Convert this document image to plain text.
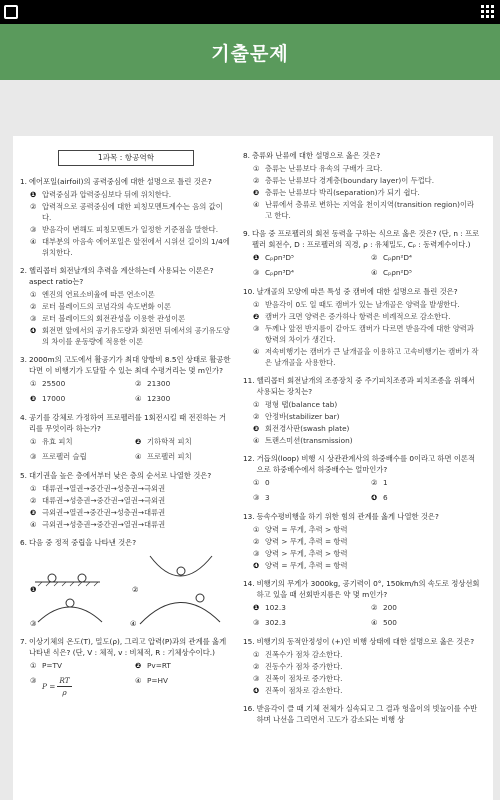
기출문제
1과목 : 항공역학
1. 에어포일(airfoil)의 공력중심에 대한 설명으로 틀린 것은?
❶ 압력중심과 압력중심보다 뒤에 위치한다.
② 압력적으로 공력중심에 대한 피칭모멘트계수는 음의 값이다.
③ 받음각이 변해도 피칭모멘트가 일정한 기준점을 말한다.
④ 대부분의 아음속 에어포일은 앞전에서 시위선 길이의 1/4에 위치한다.
2. 헬리콥터 회전날개의 추력을 계산하는데 사용되는 이론은?aspect ratio는?
① 엔진의 연료소비율에 따른 연소이론
② 로터 블레이드의 코넘각의 속도변화 이론
③ 로터 블레이드의 회전관성을 이용한 관성이론
❹ 회전면 앞에서의 공기유도량과 회전면 뒤에서의 공기유도양의 차이를 운동량에 적용한 이론
3. 2000m의 고도에서 활공기가 최대 양항비 8.5인 상태로 활공한다면 이 비행기가 도달할 수 있는 최대 수평거리는 몇 m인가?
① 25500	② 21300
❸ 17000	④ 12300
4. 공기를 강체로 가정하여 프로펠러를 1회전시킬 때 전진하는 거리를 무엇이라 하는가?
① 유효 피치	❷ 기하학적 피치
③ 프로펠러 슬립	④ 프로펠러 피치
5. 대기권을 높은 층에서부터 낮은 층의 순서로 나열한 것은?
① 대류권→열권→중간권→성층권→극외권
② 대류권→성층권→중간권→열권→극외권
❸ 극외권→열권→중간권→성층권→대류권
④ 극외권→성층권→중간권→열권→대류권
6. 다음 중 정적 중립을 나타낸 것은?
❶	②
③	④
7. 이상기체의 온도(T), 밀도(ρ), 그리고 압력(P)과의 관계를 옳게 나타낸 식은? (단, V : 체적, v : 비체적, R : 기체상수이다.)
① P=TV	❷ Pv=RT
③
$P = \frac{RT}{\rho}$	④ P=HV
8. 층류와 난류에 대한 설명으로 옳은 것은?
① 층류는 난류보다 유속의 구배가 크다.
② 층류는 난류보다 경계층(boundary layer)이 두껍다.
❸ 층류는 난류보다 박리(separation)가 되기 쉽다.
④ 난류에서 층류로 변하는 지역을 천이지역(transition region)이라고 한다.
9. 다음 중 프로펠러의 회전 동력을 구하는 식으로 옳은 것은? (단, n : 프로펠러 회전수, D : 프로펠러의 직경, ρ : 유체밀도, Cₚ : 동력계수이다.)
❶ Cₚρn³D⁵	② Cₚρn²D⁴
③ Cₚρn³D⁴	④ Cₚρn²D⁵
10. 날개골의 모양에 따른 특성 중 캠버에 대한 설명으로 틀린 것은?
① 받음각이 0도 일 때도 캠버가 있는 날개골은 양력을 발생한다.
❷ 캠버가 크면 양력은 증가하나 항력은 비례적으로 감소한다.
③ 두께나 앞전 반지름이 같아도 캠버가 다르면 받음각에 대한 양력과 항력의 차이가 생긴다.
④ 저속비행기는 캠버가 큰 날개골을 이용하고 고속비행기는 캠버가 작은 날개골을 사용한다.
11. 헬리콥터 회전날개의 조종장치 중 주기피치조종과 피치조종을 위해서 사용되는 장치는?
① 평형 탭(balance tab)
② 안정바(stabilizer bar)
❸ 회전경사판(swash plate)
④ 트랜스미션(transmission)
12. 거듭의(loop) 비행 시 상관관계사의 하중배수를 0이라고 하면 이론적으로 하중배수에서 하중배수는 얼마인가?
① 0	② 1
③ 3	❹ 6
13. 등속수평비행을 하기 위한 힘의 관계를 옳게 나열한 것은?
① 양력 = 무게, 추력 > 항력
② 양력 > 무게, 추력 = 항력
③ 양력 > 무게, 추력 > 항력
❹ 양력 = 무게, 추력 = 항력
14. 비행기의 무게가 3000kg, 공기력이 0°, 150km/h의 속도로 정상선회하고 있을 때 선회반지름은 약 몇 m인가?
❶ 102.3	② 200
③ 302.3	④ 500
15. 비행기의 동적안정성이 (+)인 비행 상태에 대한 설명으로 옳은 것은?
① 진폭수가 점차 감소한다.
② 진동수가 점차 증가한다.
③ 진폭이 점차로 증가한다.
❹ 진폭이 점차로 감소한다.
16. 받음각이 클 때 기체 전체가 실속되고 그 결과 헝을이의 빗놀이를 수반하며 나선을 그리면서 고도가 감소되는 비행 상
